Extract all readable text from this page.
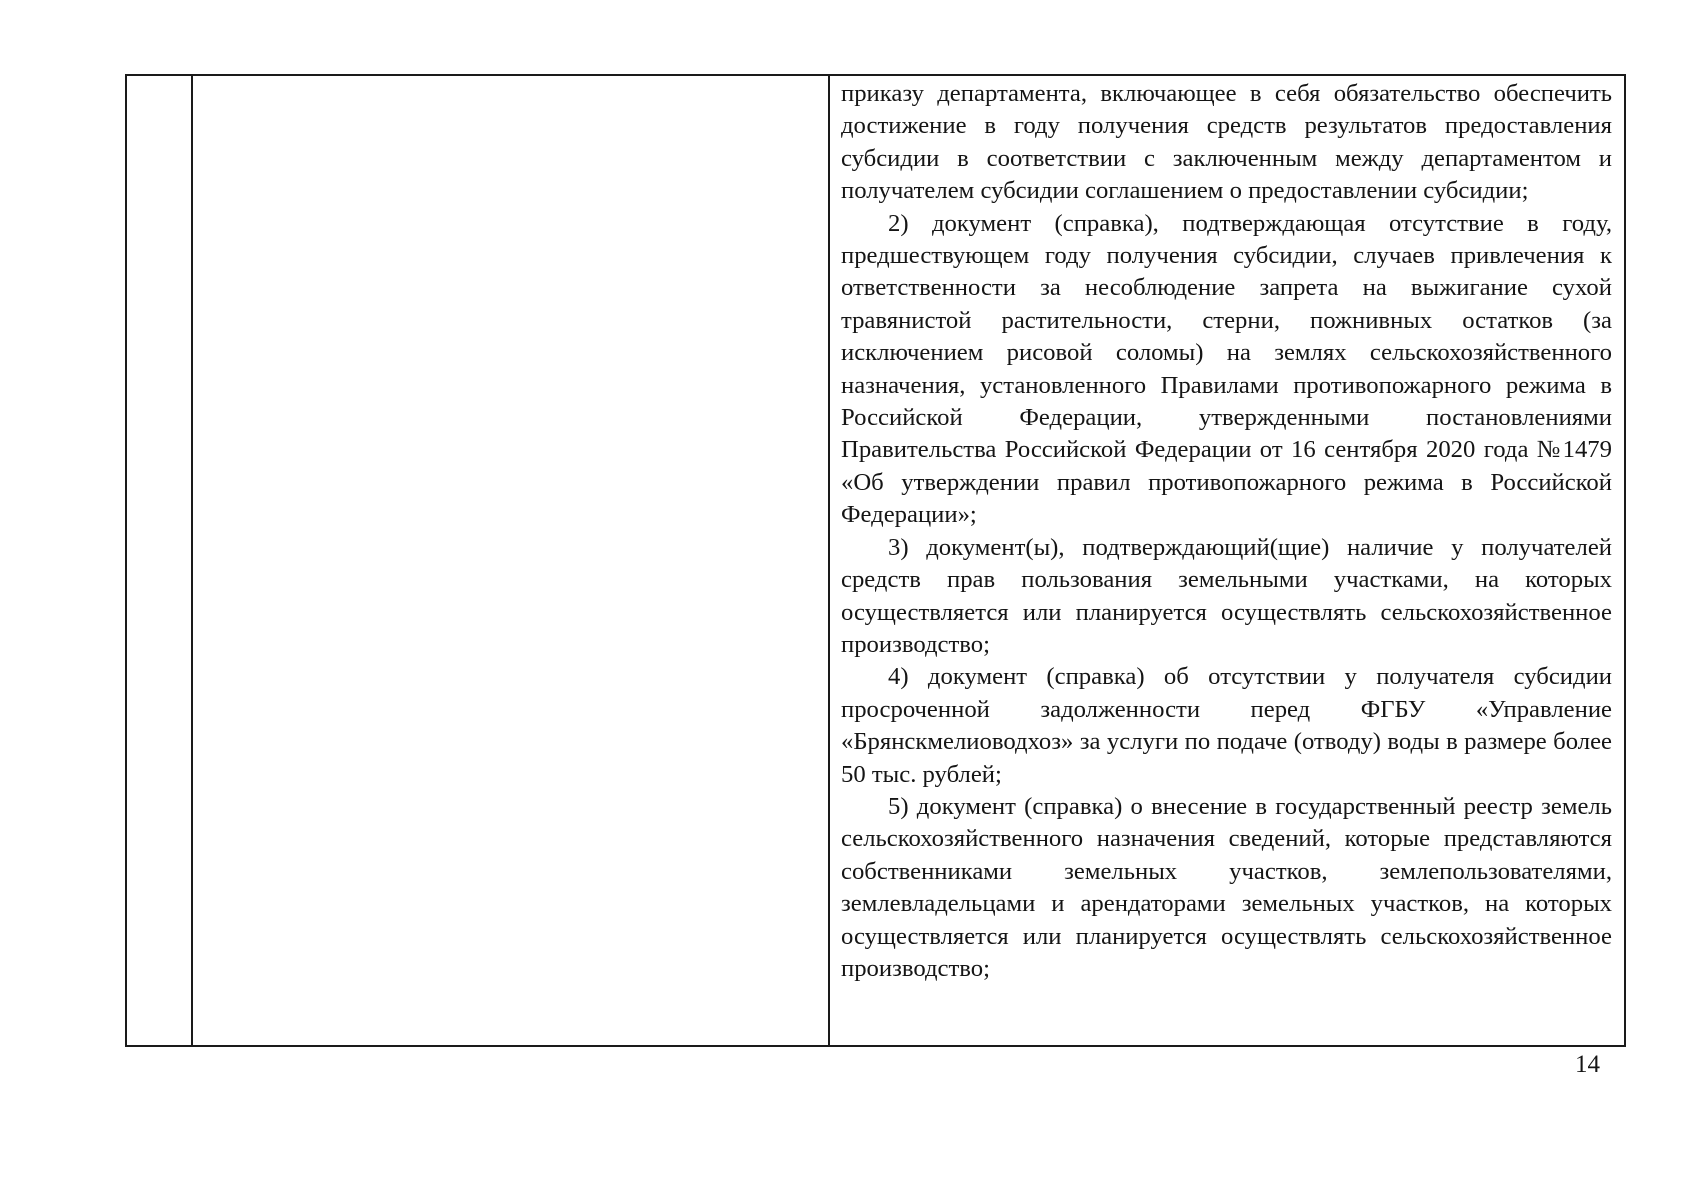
приказу департамента, включающее в себя обязательство обеспечить достижение в году получения средств результатов предоставления субсидии в соответствии с заключенным между департаментом и получателем субсидии соглашением о предоставлении субсидии;

2) документ (справка), подтверждающая отсутствие в году, предшествующем году получения субсидии, случаев привлечения к ответственности за несоблюдение запрета на выжигание сухой травянистой растительности, стерни, пожнивных остатков (за исключением рисовой соломы) на землях сельскохозяйственного назначения, установленного Правилами противопожарного режима в Российской Федерации, утвержденными постановлениями Правительства Российской Федерации от 16 сентября 2020 года №1479 «Об утверждении правил противопожарного режима в Российской Федерации»;

3) документ(ы), подтверждающий(щие) наличие у получателей средств прав пользования земельными участками, на которых осуществляется или планируется осуществлять сельскохозяйственное производство;

4) документ (справка) об отсутствии у получателя субсидии просроченной задолженности перед ФГБУ «Управление «Брянскмелиоводхоз» за услуги по подаче (отводу) воды в размере более 50 тыс. рублей;

5) документ (справка) о внесение в государственный реестр земель сельскохозяйственного назначения сведений, которые представляются собственниками земельных участков, землепользователями, землевладельцами и арендаторами земельных участков, на которых осуществляется или планируется осуществлять сельскохозяйственное производство;

14
